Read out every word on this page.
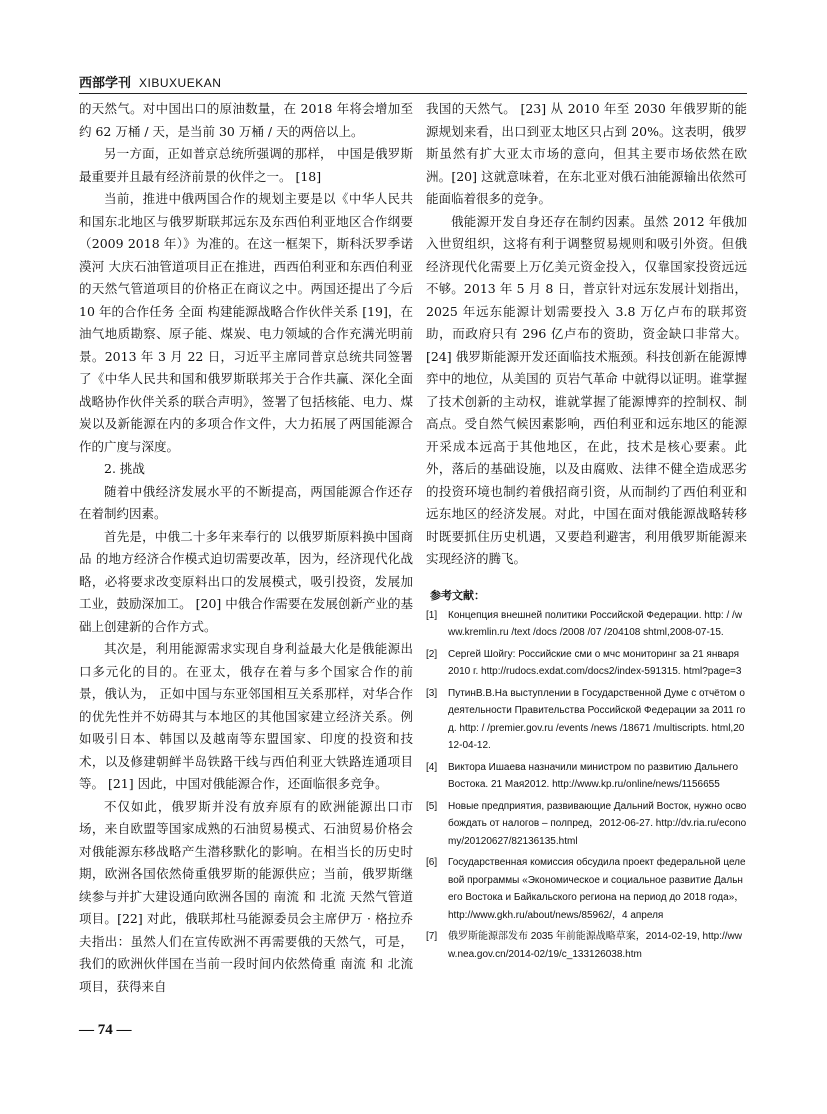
西部学刊 XIBUXUEKAN

的天然气。对中国出口的原油数量，在 2018 年将会增加至约 62 万桶 / 天，是当前 30 万桶 / 天的两倍以上。

另一方面，正如普京总统所强调的那样， 中国是俄罗斯最重要并且最有经济前景的伙伴之一。 [18]

当前，推进中俄两国合作的规划主要是以《中华人民共和国东北地区与俄罗斯联邦远东及东西伯利亚地区合作纲要（2009 2018 年）》为准的。在这一框架下，斯科沃罗季诺 漠河 大庆石油管道项目正在推进，西西伯利亚和东西伯利亚的天然气管道项目的价格正在商议之中。两国还提出了今后 10 年的合作任务 全面 构建能源战略合作伙伴关系 [19]，在油气地质勘察、原子能、煤炭、电力领域的合作充满光明前景。2013 年 3 月 22 日，习近平主席同普京总统共同签署了《中华人民共和国和俄罗斯联邦关于合作共赢、深化全面战略协作伙伴关系的联合声明》，签署了包括核能、电力、煤炭以及新能源在内的多项合作文件，大力拓展了两国能源合作的广度与深度。

2. 挑战

随着中俄经济发展水平的不断提高，两国能源合作还存在着制约因素。

首先是，中俄二十多年来奉行的 以俄罗斯原料换中国商品 的地方经济合作模式迫切需要改革，因为，经济现代化战略，必将要求改变原料出口的发展模式，吸引投资，发展加工业，鼓励深加工。 [20] 中俄合作需要在发展创新产业的基础上创建新的合作方式。

其次是，利用能源需求实现自身利益最大化是俄能源出口多元化的目的。在亚太，俄存在着与多个国家合作的前景，俄认为， 正如中国与东亚邻国相互关系那样，对华合作的优先性并不妨碍其与本地区的其他国家建立经济关系。例如吸引日本、韩国以及越南等东盟国家、印度的投资和技术，以及修建朝鲜半岛铁路干线与西伯利亚大铁路连通项目等。 [21] 因此，中国对俄能源合作，还面临很多竞争。

不仅如此，俄罗斯并没有放弃原有的欧洲能源出口市场，来自欧盟等国家成熟的石油贸易模式、石油贸易价格会对俄能源东移战略产生潜移默化的影响。在相当长的历史时期，欧洲各国依然倚重俄罗斯的能源供应；当前，俄罗斯继续参与并扩大建设通向欧洲各国的 南流 和 北流 天然气管道项目。[22] 对此，俄联邦杜马能源委员会主席伊万 · 格拉乔夫指出：虽然人们在宣传欧洲不再需要俄的天然气，可是，我们的欧洲伙伴国在当前一段时间内依然倚重 南流 和 北流 项目，获得来自

我国的天然气。 [23] 从 2010 年至 2030 年俄罗斯的能源规划来看，出口到亚太地区只占到 20%。这表明，俄罗斯虽然有扩大亚太市场的意向，但其主要市场依然在欧洲。[20] 这就意味着，在东北亚对俄石油能源输出依然可能面临着很多的竞争。

俄能源开发自身还存在制约因素。虽然 2012 年俄加入世贸组织，这将有利于调整贸易规则和吸引外资。但俄经济现代化需要上万亿美元资金投入，仅靠国家投资远远不够。2013 年 5 月 8 日，普京针对远东发展计划指出，2025 年远东能源计划需要投入 3.8 万亿卢布的联邦资助，而政府只有 296 亿卢布的资助，资金缺口非常大。[24] 俄罗斯能源开发还面临技术瓶颈。科技创新在能源博弈中的地位，从美国的 页岩气革命 中就得以证明。谁掌握了技术创新的主动权，谁就掌握了能源博弈的控制权、制高点。受自然气候因素影响，西伯利亚和远东地区的能源开采成本远高于其他地区，在此，技术是核心要素。此外，落后的基础设施，以及由腐败、法律不健全造成恶劣的投资环境也制约着俄招商引资，从而制约了西伯利亚和远东地区的经济发展。对此，中国在面对俄能源战略转移时既要抓住历史机遇，又要趋利避害，利用俄罗斯能源来实现经济的腾飞。

参考文献：
[1] Концепция внешней политики Российской Федерации. http: / /www.kremlin.ru /text /docs /2008 /07 /204108 shtml,2008-07-15.
[2] Сергей Шойгу: Российские сми о мчс мониторинг за 21 января 2010 г. http://rudocs.exdat.com/docs2/index-591315. html?page=3
[3] ПутинВ.В.На выступлении в Государственной Думе с отчётом о деятельности Правительства Российской Федерации за 2011 год. http: / /premier.gov.ru /events /news /18671 /multiscripts. html,2012-04-12.
[4] Виктора Ишаева назначили министром по развитию Дальнего Востока. 21 Мая2012. http://www.kp.ru/online/news/1156655
[5] Новые предприятия, развивающие Дальний Восток, нужно освобождать от налогов – полпред，2012-06-27. http://dv.ria.ru/economy/20120627/82136135.html
[6] Государственная комиссия обсудила проект федеральной целевой программы «Экономическое и социальное развитие Дальнего Востока и Байкальского региона на период до 2018 года»，http://www.gkh.ru/about/news/85962/，4 апреля
[7] 俄罗斯能源部发布 2035 年前能源战略草案，2014-02-19, http://www.nea.gov.cn/2014-02/19/c_133126038.htm
— 74 —
